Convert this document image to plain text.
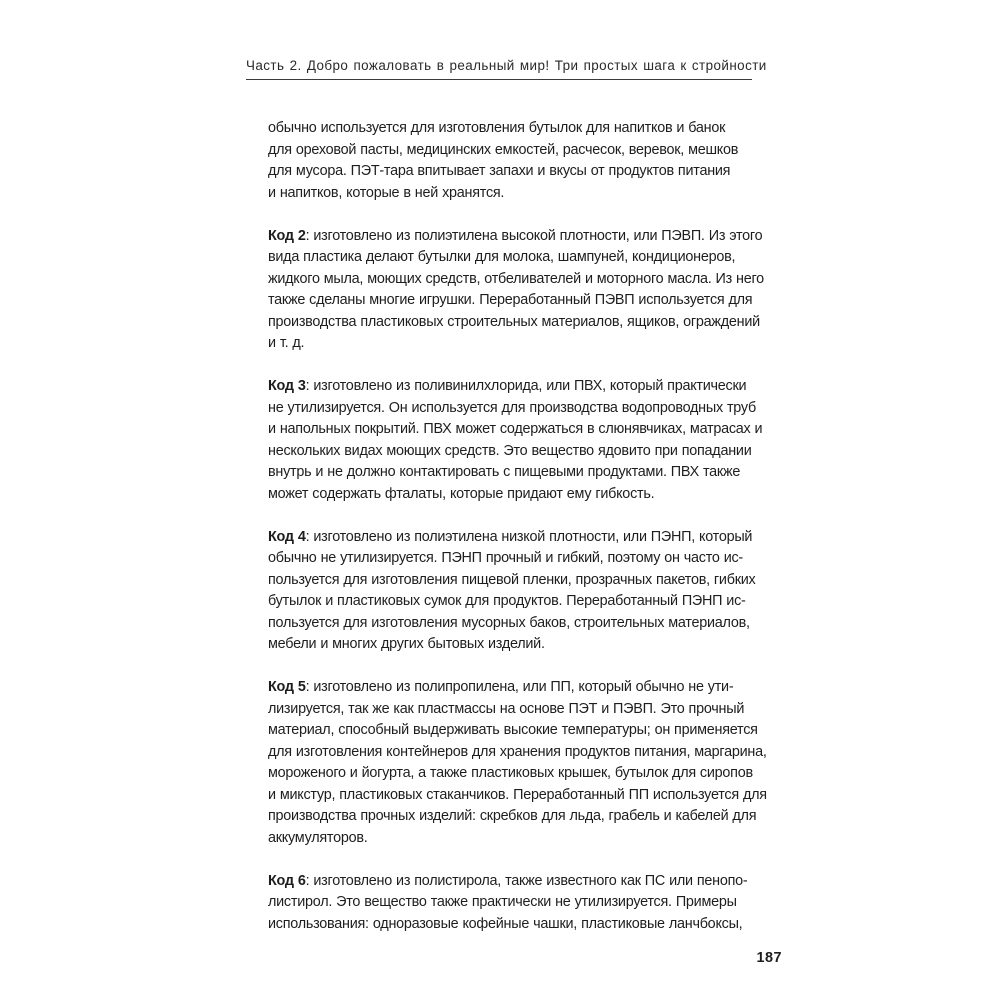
Часть 2. Добро пожаловать в реальный мир! Три простых шага к стройности

обычно используется для изготовления бутылок для напитков и банок
для ореховой пасты, медицинских емкостей, расчесок, веревок, мешков
для мусора. ПЭТ-тара впитывает запахи и вкусы от продуктов питания
и напитков, которые в ней хранятся.

Код 2: изготовлено из полиэтилена высокой плотности, или ПЭВП. Из этого
вида пластика делают бутылки для молока, шампуней, кондиционеров,
жидкого мыла, моющих средств, отбеливателей и моторного масла. Из него
также сделаны многие игрушки. Переработанный ПЭВП используется для
производства пластиковых строительных материалов, ящиков, ограждений
и т. д.

Код 3: изготовлено из поливинилхлорида, или ПВХ, который практически
не утилизируется. Он используется для производства водопроводных труб
и напольных покрытий. ПВХ может содержаться в слюнявчиках, матрасах и
нескольких видах моющих средств. Это вещество ядовито при попадании
внутрь и не должно контактировать с пищевыми продуктами. ПВХ также
может содержать фталаты, которые придают ему гибкость.

Код 4: изготовлено из полиэтилена низкой плотности, или ПЭНП, который
обычно не утилизируется. ПЭНП прочный и гибкий, поэтому он часто ис-
пользуется для изготовления пищевой пленки, прозрачных пакетов, гибких
бутылок и пластиковых сумок для продуктов. Переработанный ПЭНП ис-
пользуется для изготовления мусорных баков, строительных материалов,
мебели и многих других бытовых изделий.

Код 5: изготовлено из полипропилена, или ПП, который обычно не ути-
лизируется, так же как пластмассы на основе ПЭТ и ПЭВП. Это прочный
материал, способный выдерживать высокие температуры; он применяется
для изготовления контейнеров для хранения продуктов питания, маргарина,
мороженого и йогурта, а также пластиковых крышек, бутылок для сиропов
и микстур, пластиковых стаканчиков. Переработанный ПП используется для
производства прочных изделий: скребков для льда, грабель и кабелей для
аккумуляторов.

Код 6: изготовлено из полистирола, также известного как ПС или пенопо-
листирол. Это вещество также практически не утилизируется. Примеры
использования: одноразовые кофейные чашки, пластиковые ланчбоксы,

187
